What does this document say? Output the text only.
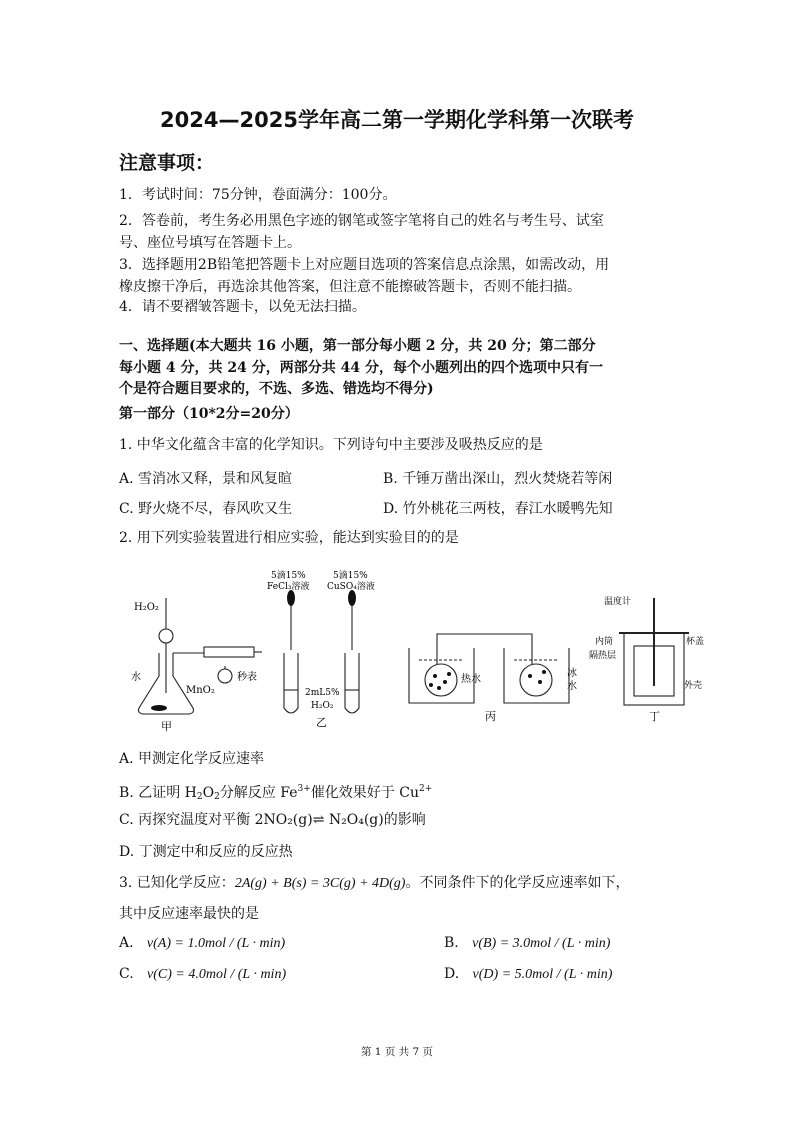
2024—2025学年高二第一学期化学科第一次联考
注意事项：
1．考试时间：75分钟，卷面满分：100分。
2．答卷前，考生务必用黑色字迹的钢笔或签字笔将自己的姓名与考生号、试室
号、座位号填写在答题卡上。
3．选择题用2B铅笔把答题卡上对应题目选项的答案信息点涂黑，如需改动，用
橡皮擦干净后，再选涂其他答案，但注意不能擦破答题卡，否则不能扫描。
4．请不要褶皱答题卡，以免无法扫描。
一、选择题(本大题共 16 小题，第一部分每小题 2 分，共 20 分；第二部分
每小题 4 分，共 24 分，两部分共 44 分，每个小题列出的四个选项中只有一
个是符合题目要求的，不选、多选、错选均不得分)
第一部分（10*2分=20分）
1. 中华文化蕴含丰富的化学知识。下列诗句中主要涉及吸热反应的是
A. 雪消冰又释，景和风复暄	B. 千锤万凿出深山，烈火焚烧若等闲
C. 野火烧不尽，春风吹又生	D. 竹外桃花三两枝，春江水暖鸭先知
2. 用下列实验装置进行相应实验，能达到实验目的的是
H₂O₂
水
MnO₂
秒表
甲
5滴15%
FeCl₃溶液
5滴15%
CuSO₄溶液
2mL5%
H₂O₂
乙
热水
冰
水
丙
温度计
内筒	杯盖
隔热层
外壳
丁
A. 甲测定化学反应速率
B. 乙证明 $H_2O_2$分解反应 $Fe^{3+}$催化效果好于 $Cu^{2+}$
C. 丙探究温度对平衡 2NO₂(g)⇌ N₂O₄(g)的影响
D. 丁测定中和反应的反应热
3. 已知化学反应：2A(g) + B(s) = 3C(g) + 4D(g)。不同条件下的化学反应速率如下，
其中反应速率最快的是
A. v(A) = 1.0mol / (L · min)	B. v(B) = 3.0mol / (L · min)
C. v(C) = 4.0mol / (L · min)	D. v(D) = 5.0mol / (L · min)
第 1 页 共 7 页
